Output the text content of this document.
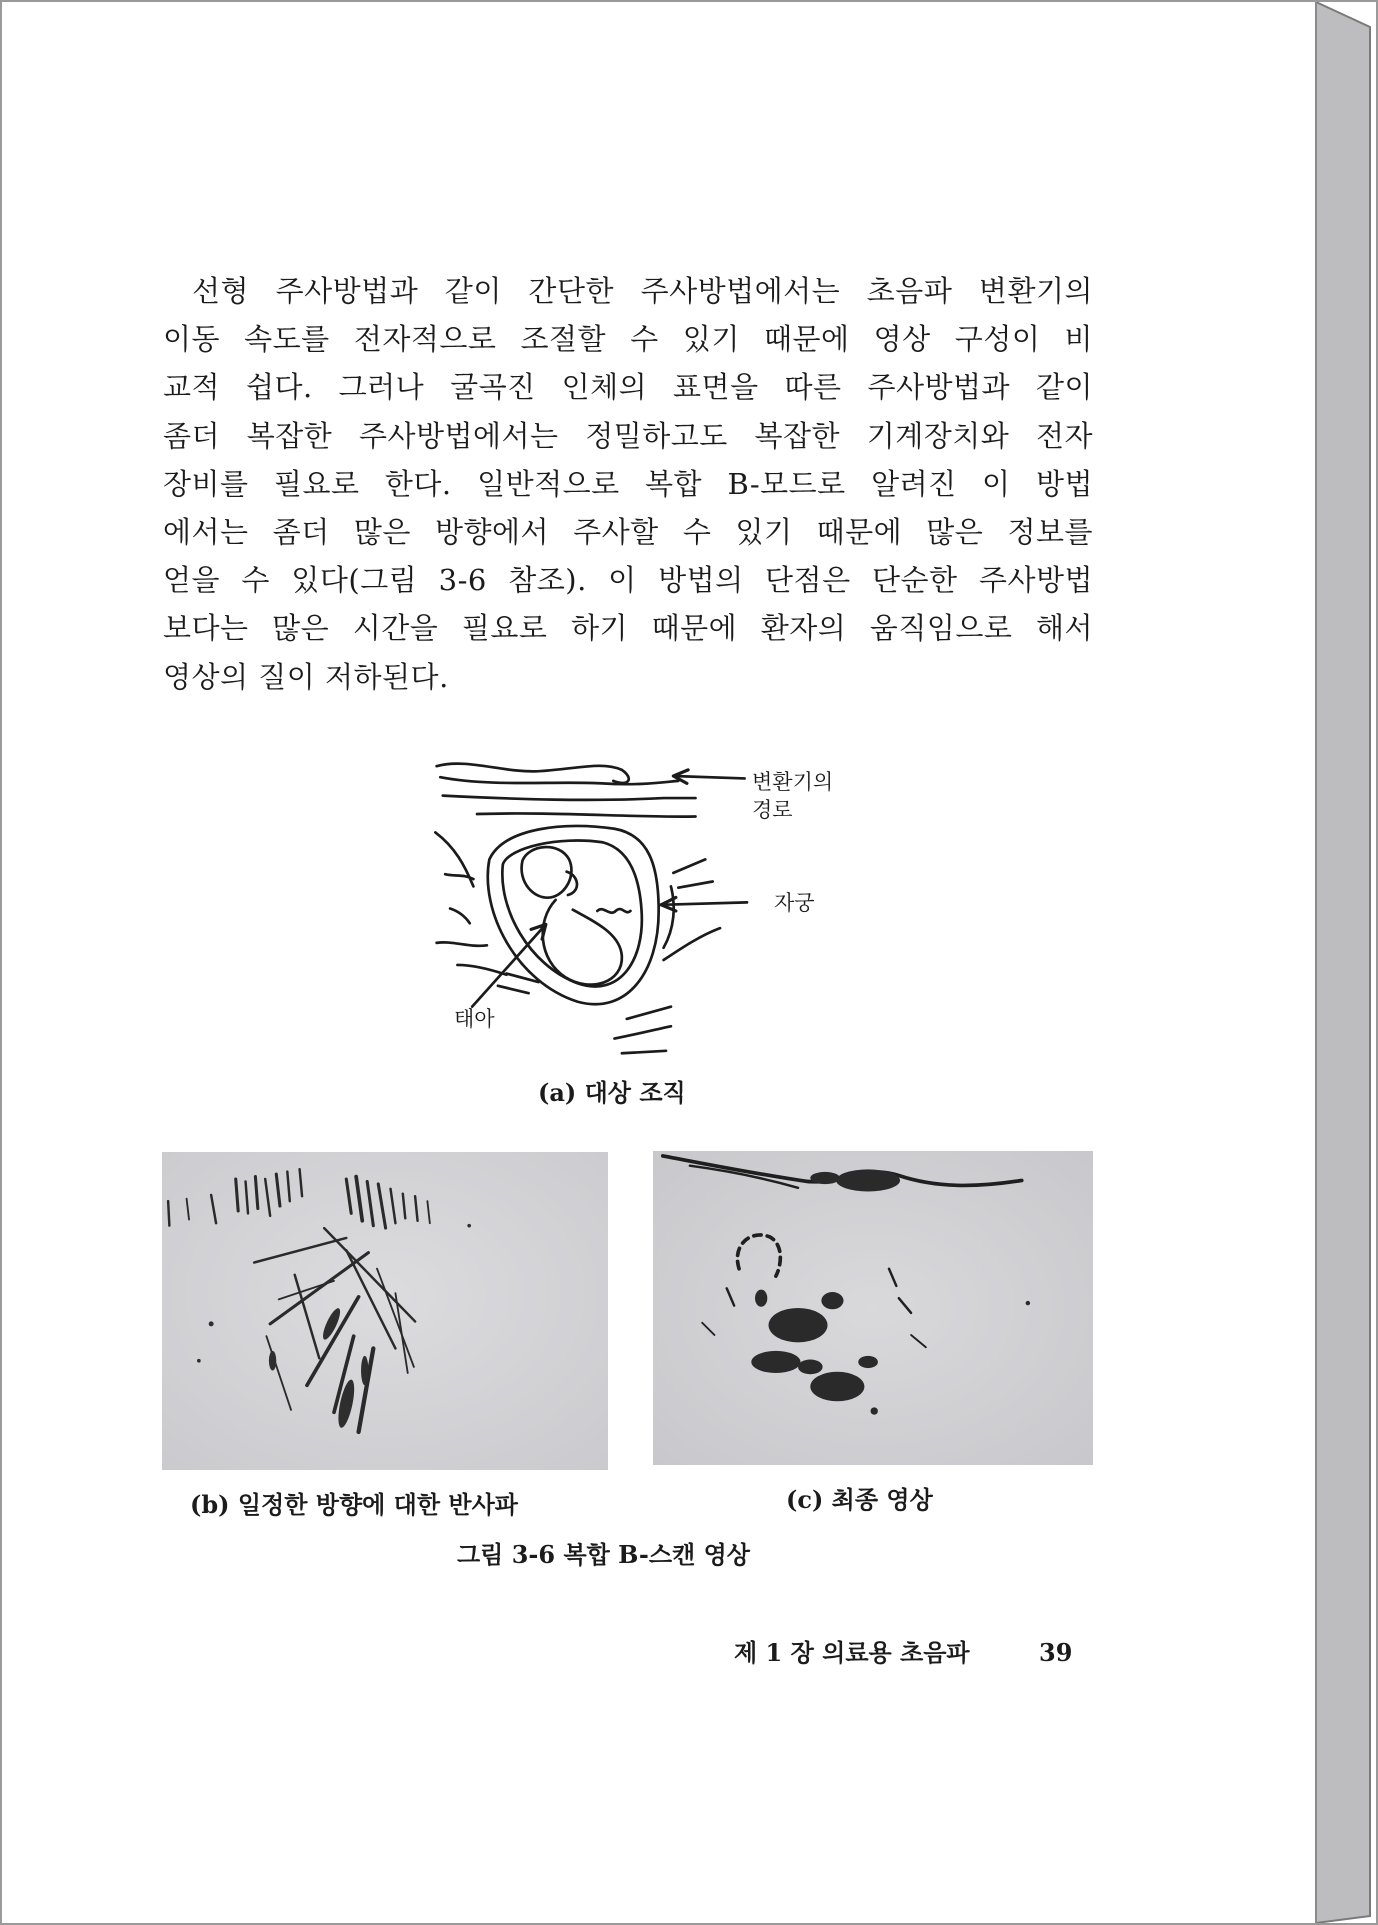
선형 주사방법과 같이 간단한 주사방법에서는 초음파 변환기의
이동 속도를 전자적으로 조절할 수 있기 때문에 영상 구성이 비
교적 쉽다. 그러나 굴곡진 인체의 표면을 따른 주사방법과 같이
좀더 복잡한 주사방법에서는 정밀하고도 복잡한 기계장치와 전자
장비를 필요로 한다. 일반적으로 복합 B-모드로 알려진 이 방법
에서는 좀더 많은 방향에서 주사할 수 있기 때문에 많은 정보를
얻을 수 있다(그림 3-6 참조). 이 방법의 단점은 단순한 주사방법
보다는 많은 시간을 필요로 하기 때문에 환자의 움직임으로 해서
영상의 질이 저하된다.
변환기의
경로
자궁
태아
(a) 대상 조직
(b) 일정한 방향에 대한 반사파	(c) 최종 영상
그림 3-6 복합 B-스캔 영상
제 1 장 의료용 초음파	39
